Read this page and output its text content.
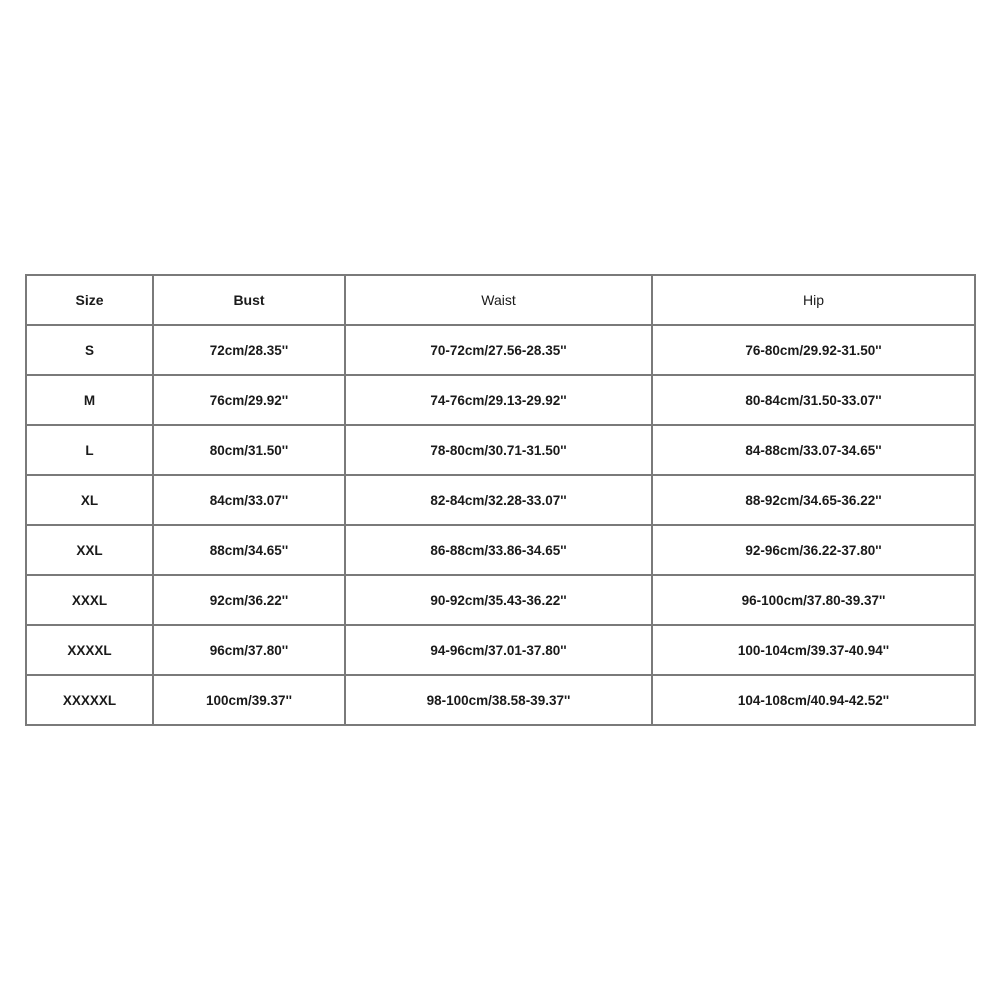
Size	Bust	Waist	Hip
S	72cm/28.35''	70-72cm/27.56-28.35''	76-80cm/29.92-31.50''
M	76cm/29.92''	74-76cm/29.13-29.92''	80-84cm/31.50-33.07''
L	80cm/31.50''	78-80cm/30.71-31.50''	84-88cm/33.07-34.65''
XL	84cm/33.07''	82-84cm/32.28-33.07''	88-92cm/34.65-36.22''
XXL	88cm/34.65''	86-88cm/33.86-34.65''	92-96cm/36.22-37.80''
XXXL	92cm/36.22''	90-92cm/35.43-36.22''	96-100cm/37.80-39.37''
XXXXL	96cm/37.80''	94-96cm/37.01-37.80''	100-104cm/39.37-40.94''
XXXXXL	100cm/39.37''	98-100cm/38.58-39.37''	104-108cm/40.94-42.52''
